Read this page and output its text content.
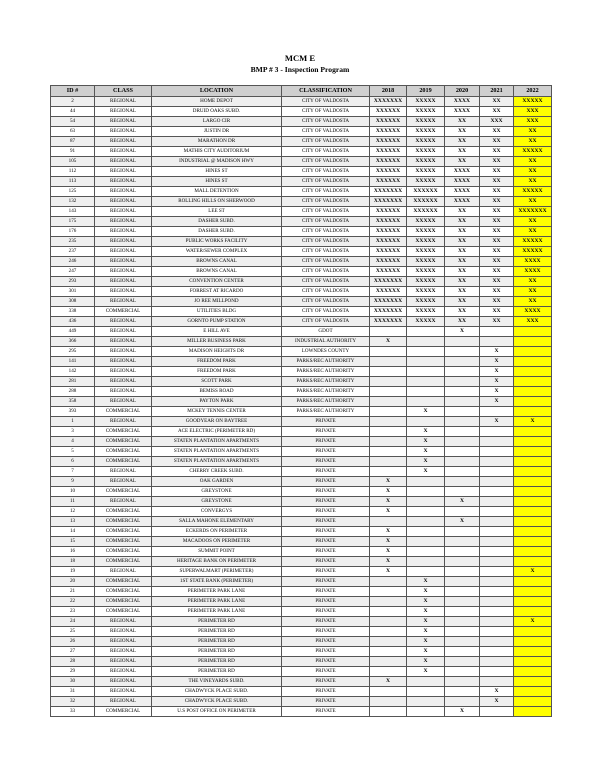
MCM E
BMP # 3 - Inspection Program
ID #	CLASS	LOCATION	CLASSIFICATION	2018	2019	2020	2021	2022
2	REGIONAL	HOME DEPOT	CITY OF VALDOSTA	XXXXXXX	XXXXX	XXXX	XX	XXXXX
44	REGIONAL	DRUID OAKS SUBD.	CITY OF VALDOSTA	XXXXXX	XXXXX	XXXX	XX	XXX
54	REGIONAL	LARGO CIR	CITY OF VALDOSTA	XXXXXX	XXXXX	XX	XXX	XXX
63	REGIONAL	JUSTIN DR	CITY OF VALDOSTA	XXXXXX	XXXXX	XX	XX	XX
87	REGIONAL	MARATHON DR	CITY OF VALDOSTA	XXXXXX	XXXXX	XX	XX	XX
91	REGIONAL	MATHIS CITY AUDITORIUM	CITY OF VALDOSTA	XXXXXX	XXXXX	XX	XX	XXXXX
105	REGIONAL	INDUSTRIAL @ MADISON HWY	CITY OF VALDOSTA	XXXXXX	XXXXX	XX	XX	XX
112	REGIONAL	HINES ST	CITY OF VALDOSTA	XXXXXX	XXXXX	XXXX	XX	XX
113	REGIONAL	HINES ST	CITY OF VALDOSTA	XXXXXX	XXXXX	XXXX	XX	XX
125	REGIONAL	MALL DETENTION	CITY OF VALDOSTA	XXXXXXX	XXXXXX	XXXX	XX	XXXXX
132	REGIONAL	ROLLING HILLS ON SHERWOOD	CITY OF VALDOSTA	XXXXXXX	XXXXXX	XXXX	XX	XX
143	REGIONAL	LEE ST	CITY OF VALDOSTA	XXXXXX	XXXXXX	XX	XX	XXXXXXX
175	REGIONAL	DASHER SUBD.	CITY OF VALDOSTA	XXXXXX	XXXXX	XX	XX	XX
176	REGIONAL	DASHER SUBD.	CITY OF VALDOSTA	XXXXXX	XXXXX	XX	XX	XX
235	REGIONAL	PUBLIC WORKS FACILITY	CITY OF VALDOSTA	XXXXXX	XXXXX	XX	XX	XXXXX
237	REGIONAL	WATER/SEWER COMPLEX	CITY OF VALDOSTA	XXXXXX	XXXXX	XX	XX	XXXXX
246	REGIONAL	BROWNS CANAL	CITY OF VALDOSTA	XXXXXX	XXXXX	XX	XX	XXXX
247	REGIONAL	BROWNS CANAL	CITY OF VALDOSTA	XXXXXX	XXXXX	XX	XX	XXXX
293	REGIONAL	CONVENTION CENTER	CITY OF VALDOSTA	XXXXXXX	XXXXX	XX	XX	XX
301	REGIONAL	FORREST AT RICARDO	CITY OF VALDOSTA	XXXXXX	XXXXX	XX	XX	XX
308	REGIONAL	JO REE MILLPOND	CITY OF VALDOSTA	XXXXXXX	XXXXX	XX	XX	XX
338	COMMERCIAL	UTILITIES BLDG	CITY OF VALDOSTA	XXXXXXX	XXXXX	XX	XX	XXXX
436	REGIONAL	GORNTO PUMP STATION	CITY OF VALDOSTA	XXXXXXX	XXXXX	XX	XX	XXX
449	REGIONAL	E HILL AVE	GDOT			X		
366	REGIONAL	MILLER BUSINESS PARK	INDUSTRIAL AUTHORITY	X				
295	REGIONAL	MADISON HEIGHTS DR	LOWNDES COUNTY				X	
141	REGIONAL	FREEDOM PARK	PARKS/REC AUTHORITY				X	
142	REGIONAL	FREEDOM PARK	PARKS/REC AUTHORITY				X	
281	REGIONAL	SCOTT PARK	PARKS/REC AUTHORITY				X	
288	REGIONAL	BEMISS ROAD	PARKS/REC AUTHORITY				X	
358	REGIONAL	PAYTON PARK	PARKS/REC AUTHORITY				X	
393	COMMERCIAL	MCKEY TENNIS CENTER	PARKS/REC AUTHORITY		X			
1	REGIONAL	GOODYEAR ON BAYTREE	PRIVATE				X	X
3	COMMERCIAL	ACE ELECTRIC (PERIMETER RD)	PRIVATE		X			
4	COMMERCIAL	STATEN PLANTATION APARTMENTS	PRIVATE		X			
5	COMMERCIAL	STATEN PLANTATION APARTMENTS	PRIVATE		X			
6	COMMERCIAL	STATEN PLANTATION APARTMENTS	PRIVATE		X			
7	REGIONAL	CHERRY CREEK SUBD.	PRIVATE		X			
9	REGIONAL	OAK GARDEN	PRIVATE	X				
10	COMMERCIAL	GREYSTONE	PRIVATE	X				
11	REGIONAL	GREYSTONE	PRIVATE	X		X		
12	COMMERCIAL	CONVERGYS	PRIVATE	X				
13	COMMERCIAL	SALLA MAHONE ELEMENTARY	PRIVATE			X		
14	COMMERCIAL	ECKERDS ON PERIMETER	PRIVATE	X				
15	COMMERCIAL	MACADOOS ON PERIMETER	PRIVATE	X				
16	COMMERCIAL	SUMMIT POINT	PRIVATE	X				
18	COMMERCIAL	HERITAGE BANK ON PERIMETER	PRIVATE	X				
19	REGIONAL	SUPERWALMART (PERIMETER)	PRIVATE	X				X
20	COMMERCIAL	1ST STATE BANK (PERIMETER)	PRIVATE		X			
21	COMMERCIAL	PERIMETER PARK LANE	PRIVATE		X			
22	COMMERCIAL	PERIMETER PARK LANE	PRIVATE		X			
23	COMMERCIAL	PERIMETER PARK LANE	PRIVATE		X			
24	REGIONAL	PERIMETER RD	PRIVATE		X			X
25	REGIONAL	PERIMETER RD	PRIVATE		X			
26	REGIONAL	PERIMETER RD	PRIVATE		X			
27	REGIONAL	PERIMETER RD	PRIVATE		X			
28	REGIONAL	PERIMETER RD	PRIVATE		X			
29	REGIONAL	PERIMETER RD	PRIVATE		X			
30	REGIONAL	THE VINEYARDS SUBD.	PRIVATE	X				
31	REGIONAL	CHADWYCK PLACE SUBD.	PRIVATE				X	
32	REGIONAL	CHADWYCK PLACE SUBD.	PRIVATE				X	
33	COMMERCIAL	U.S POST OFFICE ON PERIMETER	PRIVATE			X		
